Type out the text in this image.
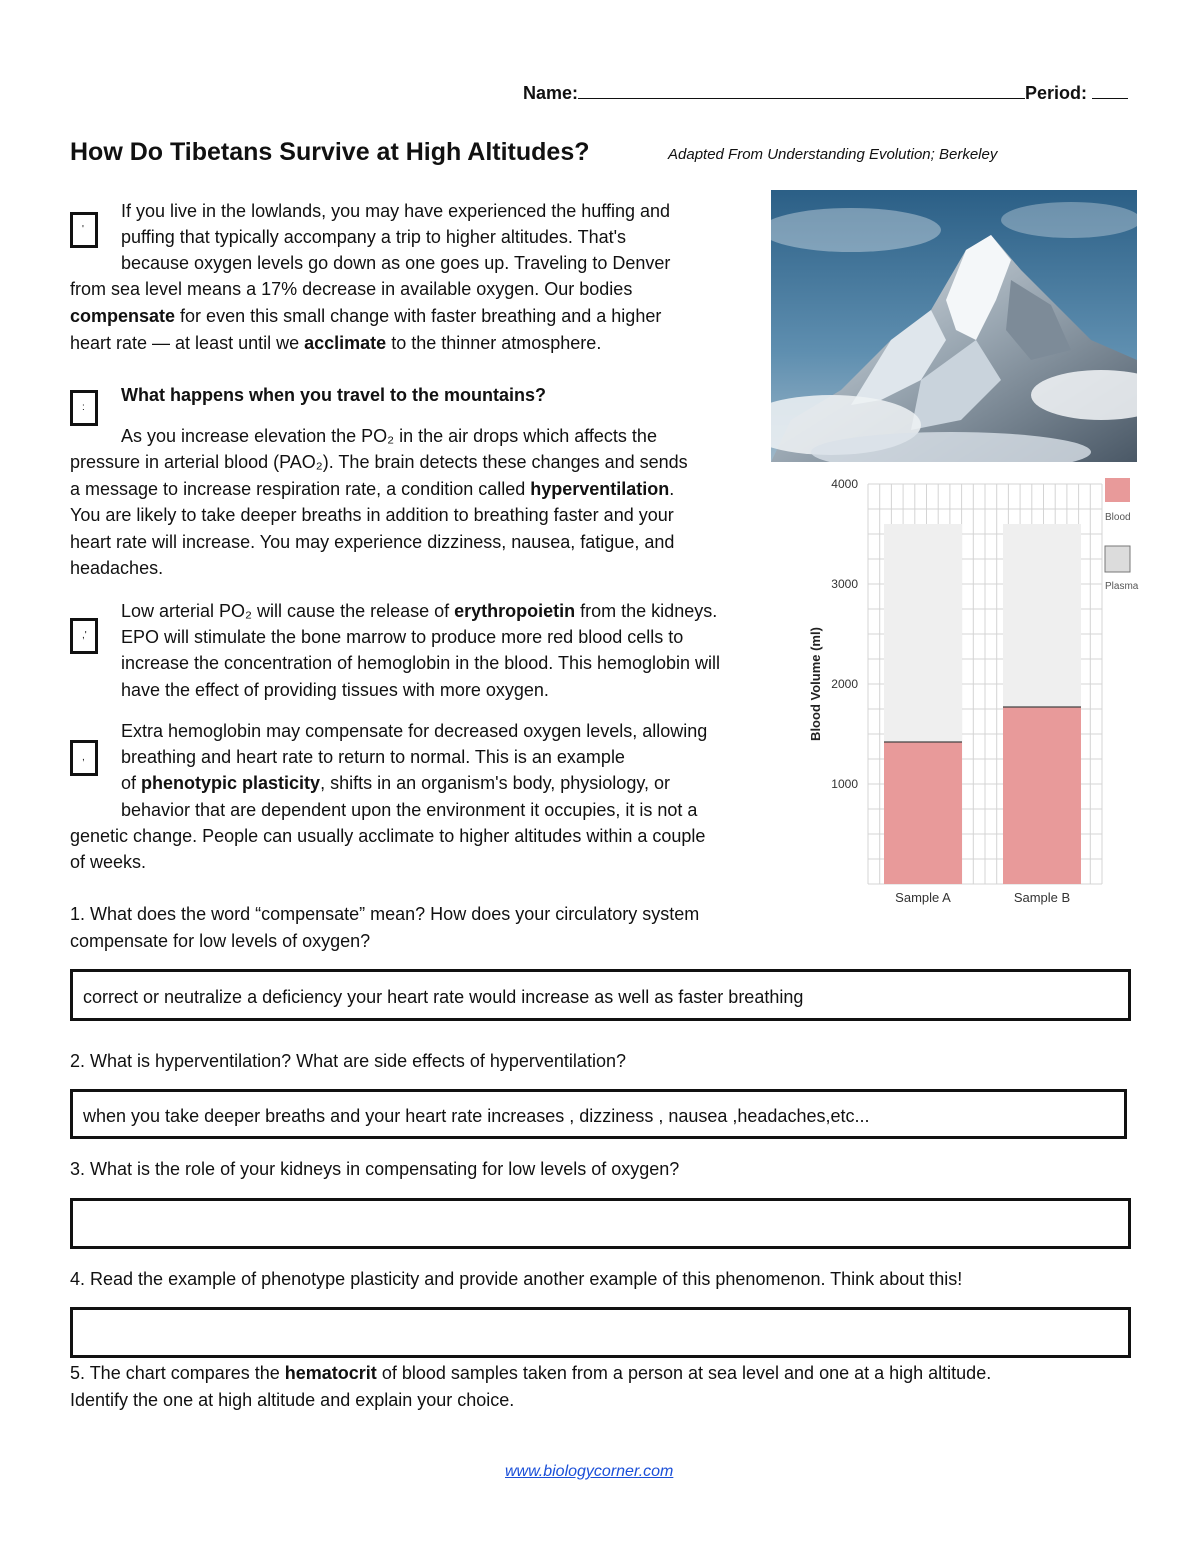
Name:	Period:
How Do Tibetans Survive at High Altitudes?	Adapted From Understanding Evolution; Berkeley
'
If you live in the lowlands, you may have experienced the huffing and
puffing that typically accompany a trip to higher altitudes. That's
because oxygen levels go down as one goes up. Traveling to Denver
from sea level means a 17% decrease in available oxygen. Our bodies
compensate for even this small change with faster breathing and a higher
heart rate — at least until we acclimate to the thinner atmosphere.
:
What happens when you travel to the mountains?
As you increase elevation the PO₂ in the air drops which affects the
pressure in arterial blood (PAO₂). The brain detects these changes and sends
a message to increase respiration rate, a condition called hyperventilation.
You are likely to take deeper breaths in addition to breathing faster and your
heart rate will increase. You may experience dizziness, nausea, fatigue, and
headaches.
,'
Low arterial PO₂ will cause the release of erythropoietin from the kidneys.
EPO will stimulate the bone marrow to produce more red blood cells to
increase the concentration of hemoglobin in the blood. This hemoglobin will
have the effect of providing tissues with more oxygen.
,
Extra hemoglobin may compensate for decreased oxygen levels, allowing
breathing and heart rate to return to normal. This is an example
of phenotypic plasticity, shifts in an organism's body, physiology, or
behavior that are dependent upon the environment it occupies, it is not a
genetic change. People can usually acclimate to higher altitudes within a couple
of weeks.
1000
2000
3000
4000
Blood Volume (ml)
Sample A	Sample B
Blood
Plasma
1. What does the word “compensate” mean? How does your circulatory system
compensate for low levels of oxygen?
correct or neutralize a deficiency your heart rate would increase as well as faster breathing
2. What is hyperventilation? What are side effects of hyperventilation?
when you take deeper breaths and your heart rate increases , dizziness , nausea ,headaches,etc...
3. What is the role of your kidneys in compensating for low levels of oxygen?
4. Read the example of phenotype plasticity and provide another example of this phenomenon. Think about this!
5. The chart compares the hematocrit of blood samples taken from a person at sea level and one at a high altitude.
Identify the one at high altitude and explain your choice.
www.biologycorner.com
